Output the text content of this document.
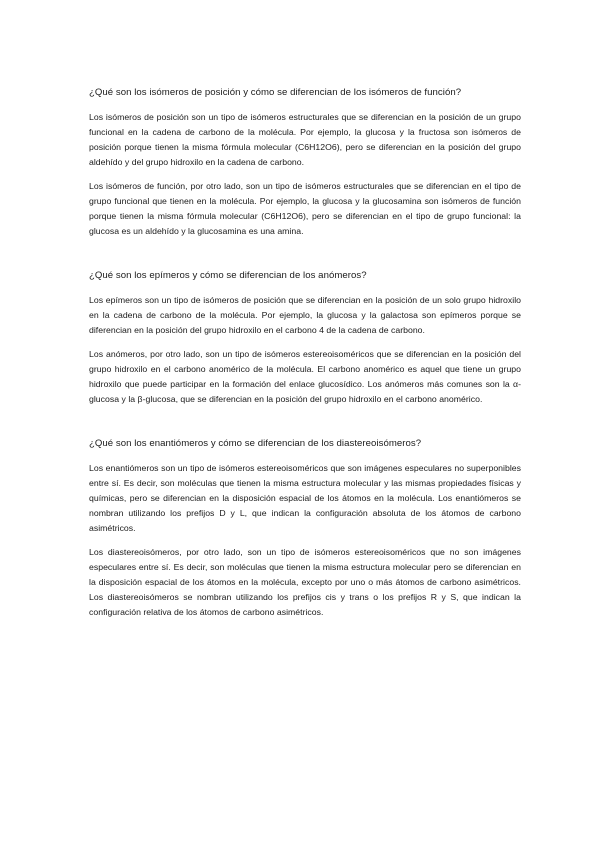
¿Qué son los isómeros de posición y cómo se diferencian de los isómeros de función?

Los isómeros de posición son un tipo de isómeros estructurales que se diferencian en la posición de un grupo funcional en la cadena de carbono de la molécula. Por ejemplo, la glucosa y la fructosa son isómeros de posición porque tienen la misma fórmula molecular (C6H12O6), pero se diferencian en la posición del grupo aldehído y del grupo hidroxilo en la cadena de carbono.

Los isómeros de función, por otro lado, son un tipo de isómeros estructurales que se diferencian en el tipo de grupo funcional que tienen en la molécula. Por ejemplo, la glucosa y la glucosamina son isómeros de función porque tienen la misma fórmula molecular (C6H12O6), pero se diferencian en el tipo de grupo funcional: la glucosa es un aldehído y la glucosamina es una amina.

¿Qué son los epímeros y cómo se diferencian de los anómeros?

Los epímeros son un tipo de isómeros de posición que se diferencian en la posición de un solo grupo hidroxilo en la cadena de carbono de la molécula. Por ejemplo, la glucosa y la galactosa son epímeros porque se diferencian en la posición del grupo hidroxilo en el carbono 4 de la cadena de carbono.

Los anómeros, por otro lado, son un tipo de isómeros estereoisoméricos que se diferencian en la posición del grupo hidroxilo en el carbono anomérico de la molécula. El carbono anomérico es aquel que tiene un grupo hidroxilo que puede participar en la formación del enlace glucosídico. Los anómeros más comunes son la α-glucosa y la β-glucosa, que se diferencian en la posición del grupo hidroxilo en el carbono anomérico.

¿Qué son los enantiómeros y cómo se diferencian de los diastereoisómeros?

Los enantiómeros son un tipo de isómeros estereoisoméricos que son imágenes especulares no superponibles entre sí. Es decir, son moléculas que tienen la misma estructura molecular y las mismas propiedades físicas y químicas, pero se diferencian en la disposición espacial de los átomos en la molécula. Los enantiómeros se nombran utilizando los prefijos D y L, que indican la configuración absoluta de los átomos de carbono asimétricos.

Los diastereoisómeros, por otro lado, son un tipo de isómeros estereoisoméricos que no son imágenes especulares entre sí. Es decir, son moléculas que tienen la misma estructura molecular pero se diferencian en la disposición espacial de los átomos en la molécula, excepto por uno o más átomos de carbono asimétricos. Los diastereoisómeros se nombran utilizando los prefijos cis y trans o los prefijos R y S, que indican la configuración relativa de los átomos de carbono asimétricos.
